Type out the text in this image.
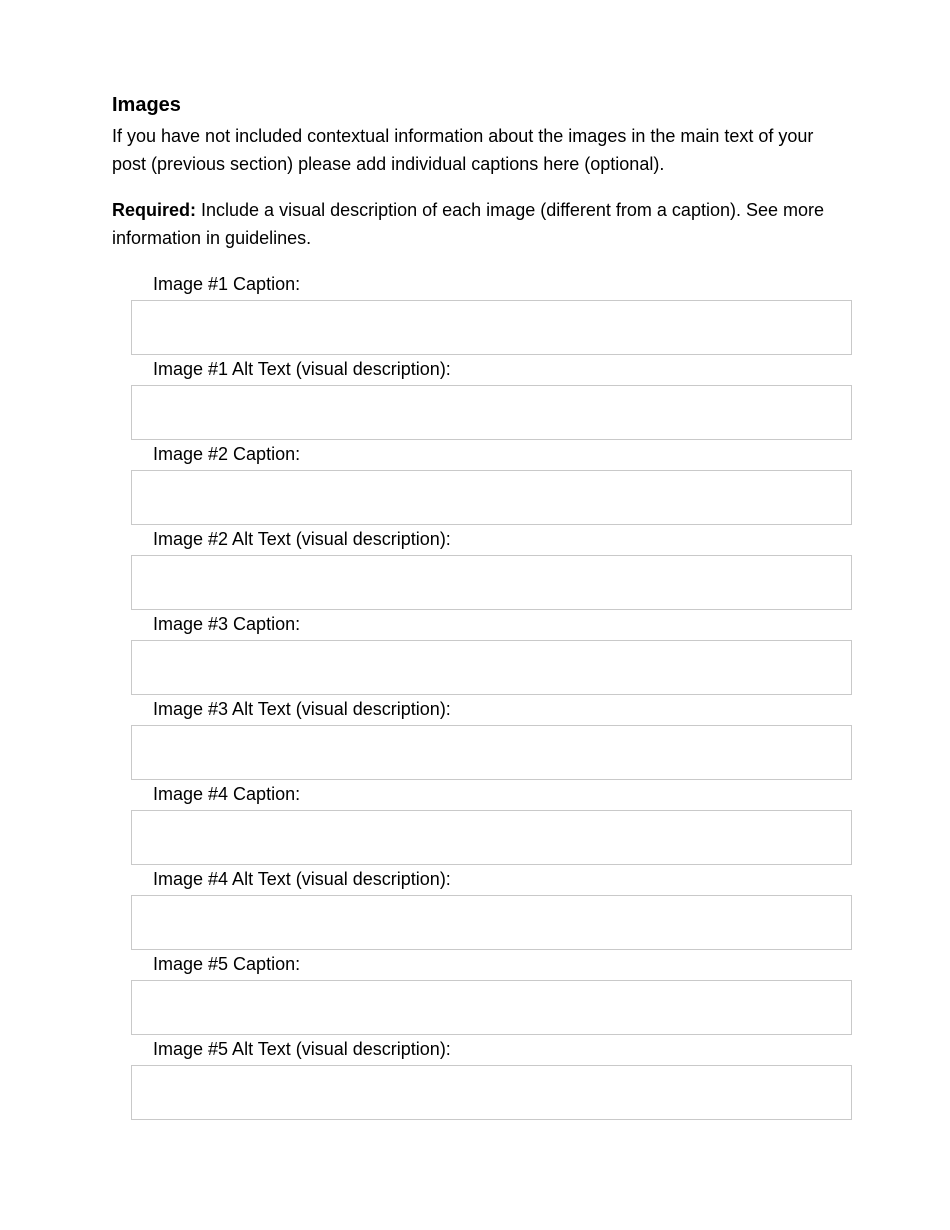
Images

If you have not included contextual information about the images in the main text of your post (previous section) please add individual captions here (optional).

Required: Include a visual description of each image (different from a caption). See more information in guidelines.

Image #1 Caption:
Image #1 Alt Text (visual description):
Image #2 Caption:
Image #2 Alt Text (visual description):
Image #3 Caption:
Image #3 Alt Text (visual description):
Image #4 Caption:
Image #4 Alt Text (visual description):
Image #5 Caption:
Image #5 Alt Text (visual description):
